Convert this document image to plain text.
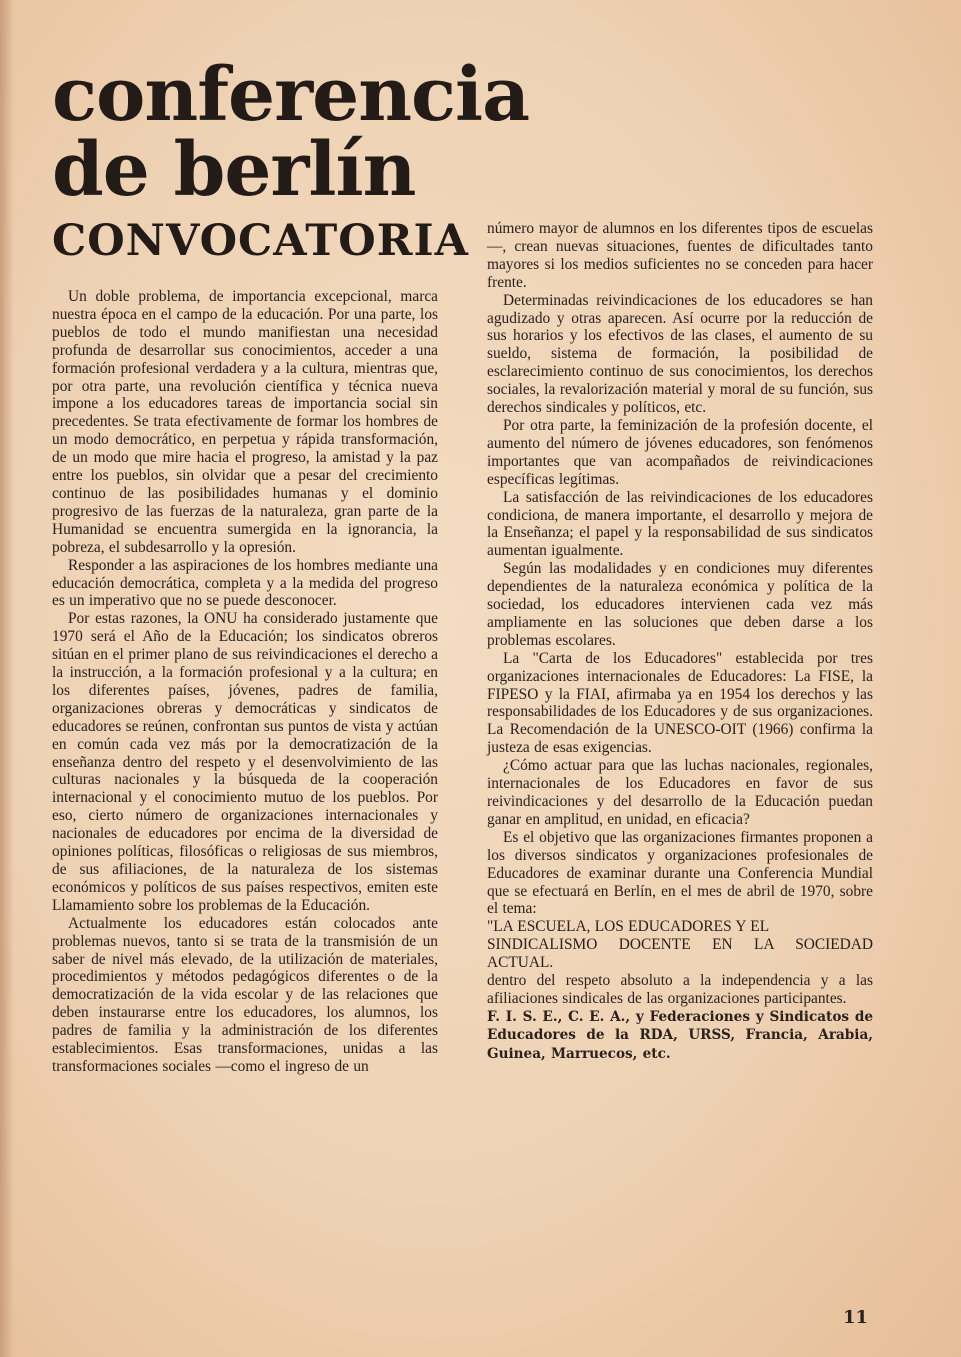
conferencia
de berlín
CONVOCATORIA

Un doble problema, de importancia excepcional, marca nuestra época en el campo de la educación. Por una parte, los pueblos de todo el mundo manifiestan una necesidad profunda de desarrollar sus conocimientos, acceder a una formación profesional verdadera y a la cultura, mientras que, por otra parte, una revolución científica y técnica nueva impone a los educadores tareas de importancia social sin precedentes. Se trata efectivamente de formar los hombres de un modo democrático, en perpetua y rápida transformación, de un modo que mire hacia el progreso, la amistad y la paz entre los pueblos, sin olvidar que a pesar del crecimiento continuo de las posibilidades humanas y el dominio progresivo de las fuerzas de la naturaleza, gran parte de la Humanidad se encuentra sumergida en la ignorancia, la pobreza, el subdesarrollo y la opresión.

Responder a las aspiraciones de los hombres mediante una educación democrática, completa y a la medida del progreso es un imperativo que no se puede desconocer.

Por estas razones, la ONU ha considerado justamente que 1970 será el Año de la Educación; los sindicatos obreros sitúan en el primer plano de sus reivindicaciones el derecho a la instrucción, a la formación profesional y a la cultura; en los diferentes países, jóvenes, padres de familia, organizaciones obreras y democráticas y sindicatos de educadores se reúnen, confrontan sus puntos de vista y actúan en común cada vez más por la democratización de la enseñanza dentro del respeto y el desenvolvimiento de las culturas nacionales y la búsqueda de la cooperación internacional y el conocimiento mutuo de los pueblos. Por eso, cierto número de organizaciones internacionales y nacionales de educadores por encima de la diversidad de opiniones políticas, filosóficas o religiosas de sus miembros, de sus afiliaciones, de la naturaleza de los sistemas económicos y políticos de sus países respectivos, emiten este Llamamiento sobre los problemas de la Educación.

Actualmente los educadores están colocados ante problemas nuevos, tanto si se trata de la transmisión de un saber de nivel más elevado, de la utilización de materiales, procedimientos y métodos pedagógicos diferentes o de la democratización de la vida escolar y de las relaciones que deben instaurarse entre los educadores, los alumnos, los padres de familia y la administración de los diferentes establecimientos. Esas transformaciones, unidas a las transformaciones sociales —como el ingreso de un

número mayor de alumnos en los diferentes tipos de escuelas—, crean nuevas situaciones, fuentes de dificultades tanto mayores si los medios suficientes no se conceden para hacer frente.

Determinadas reivindicaciones de los educadores se han agudizado y otras aparecen. Así ocurre por la reducción de sus horarios y los efectivos de las clases, el aumento de su sueldo, sistema de formación, la posibilidad de esclarecimiento continuo de sus conocimientos, los derechos sociales, la revalorización material y moral de su función, sus derechos sindicales y políticos, etc.

Por otra parte, la feminización de la profesión docente, el aumento del número de jóvenes educadores, son fenómenos importantes que van acompañados de reivindicaciones específicas legítimas.

La satisfacción de las reivindicaciones de los educadores condiciona, de manera importante, el desarrollo y mejora de la Enseñanza; el papel y la responsabilidad de sus sindicatos aumentan igualmente.

Según las modalidades y en condiciones muy diferentes dependientes de la naturaleza económica y política de la sociedad, los educadores intervienen cada vez más ampliamente en las soluciones que deben darse a los problemas escolares.

La "Carta de los Educadores" establecida por tres organizaciones internacionales de Educadores: La FISE, la FIPESO y la FIAI, afirmaba ya en 1954 los derechos y las responsabilidades de los Educadores y de sus organizaciones. La Recomendación de la UNESCO-OIT (1966) confirma la justeza de esas exigencias.

¿Cómo actuar para que las luchas nacionales, regionales, internacionales de los Educadores en favor de sus reivindicaciones y del desarrollo de la Educación puedan ganar en amplitud, en unidad, en eficacia?

Es el objetivo que las organizaciones firmantes proponen a los diversos sindicatos y organizaciones profesionales de Educadores de examinar durante una Conferencia Mundial que se efectuará en Berlín, en el mes de abril de 1970, sobre el tema:

"LA ESCUELA, LOS EDUCADORES Y EL

SINDICALISMO DOCENTE EN LA SOCIEDAD ACTUAL.

dentro del respeto absoluto a la independencia y a las afiliaciones sindicales de las organizaciones participantes.

F. I. S. E., C. E. A., y Federaciones y Sindicatos de Educadores de la RDA, URSS, Francia, Arabia, Guinea, Marruecos, etc.

11
